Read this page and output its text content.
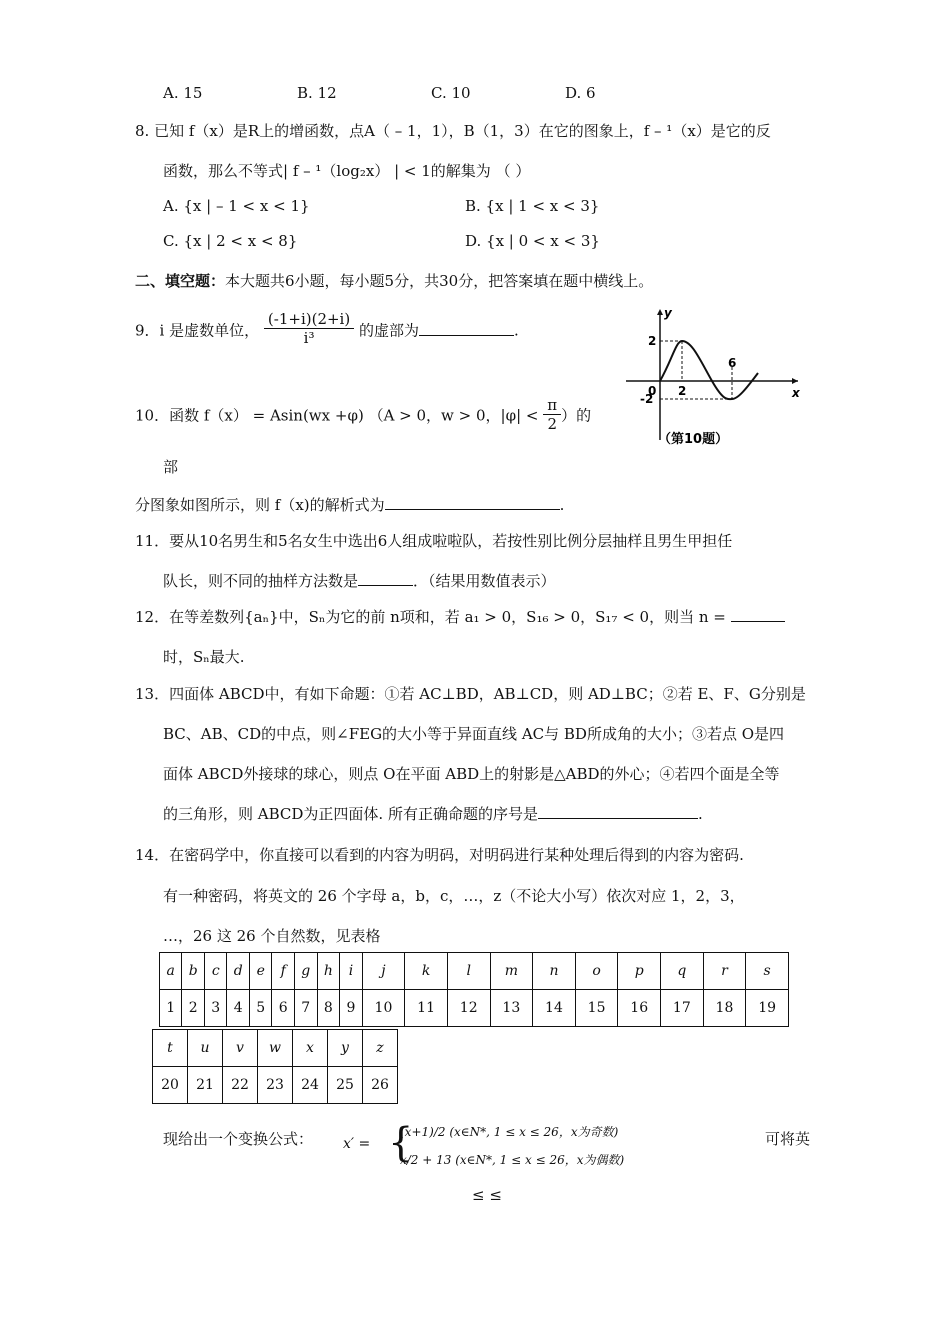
A. 15	B. 12	C. 10	D. 6
8. 已知 f（x）是R上的增函数，点A（ – 1，1），B（1，3）在它的图象上，f – ¹（x）是它的反
函数，那么不等式| f – ¹（log₂x） | < 1的解集为 （ ）
A. {x | – 1 < x < 1}	B. {x | 1 < x < 3}
C. {x | 2 < x < 8}	D. {x | 0 < x < 3}
二、填空题：本大题共6小题，每小题5分，共30分，把答案填在题中横线上。
9．i 是虚数单位， $\frac{(-1+i)(2+i)}{\text{i³}}$ 的虚部为	.
10．函数 f（x） = Asin(wx +φ) （A > 0，w > 0，$|\varphi| < \frac{\pi}{2}$ ）的
部
分图象如图所示，则 f（x)的解析式为	.
y
x
0 2
6
2
-2
（第10题）
11．要从10名男生和5名女生中选出6人组成啦啦队，若按性别比例分层抽样且男生甲担任
队长，则不同的抽样方法数是	．（结果用数值表示）
12．在等差数列{aₙ}中，Sₙ为它的前 n项和，若 a₁ > 0，S₁₆ > 0，S₁₇ < 0，则当 n =
时，Sₙ最大.
13．四面体 ABCD中，有如下命题：①若 AC⊥BD，AB⊥CD，则 AD⊥BC；②若 E、F、G分别是
BC、AB、CD的中点，则∠FEG的大小等于异面直线 AC与 BD所成角的大小；③若点 O是四
面体 ABCD外接球的球心，则点 O在平面 ABD上的射影是△ABD的外心；④若四个面是全等
的三角形，则 ABCD为正四面体. 所有正确命题的序号是	.
14．在密码学中，你直接可以看到的内容为明码，对明码进行某种处理后得到的内容为密码.
有一种密码，将英文的 26 个字母 a，b，c，…，z（不论大小写）依次对应 1，2，3，
…，26 这 26 个自然数，见表格
a	b	c	d	e	f	g	h	i	j	k	l	m	n	o	p	q	r	s
1	2	3	4	5	6	7	8	9	10	11	12	13	14	15	16	17	18	19
t	u	v	w	x	y	z
20	21	22	23	24	25	26
现给出一个变换公式： x′ = {
(x+1)/2 (x∈N*, 1 ≤ x ≤ 26，x为奇数)
x/2 + 13 (x∈N*, 1 ≤ x ≤ 26，x为偶数)
可将英
≤ ≤
